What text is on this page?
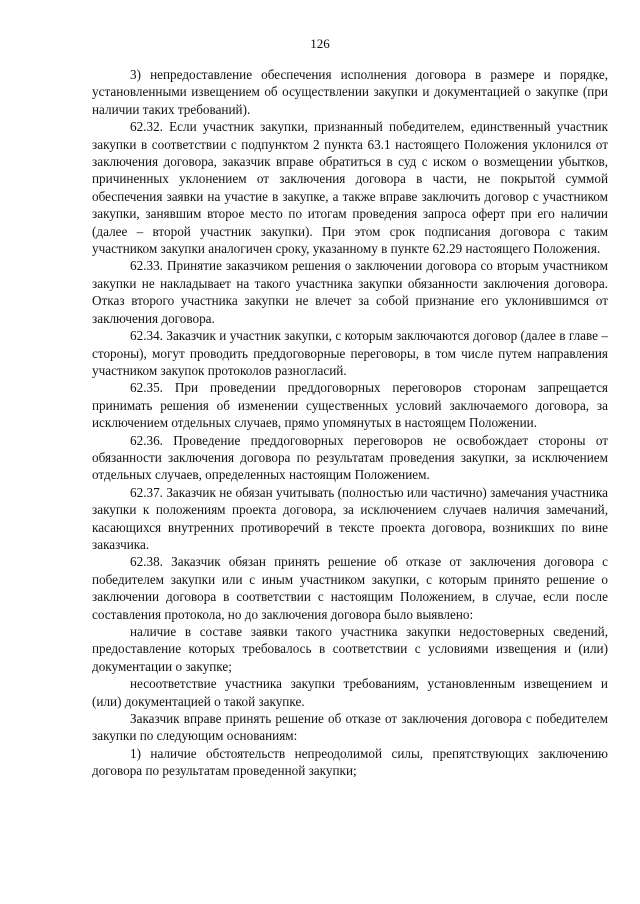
126

3) непредоставление обеспечения исполнения договора в размере и порядке, установленными извещением об осуществлении закупки и документацией о закупке (при наличии таких требований).

62.32. Если участник закупки, признанный победителем, единственный участник закупки в соответствии с подпунктом 2 пункта 63.1 настоящего Положения уклонился от заключения договора, заказчик вправе обратиться в суд с иском о возмещении убытков, причиненных уклонением от заключения договора в части, не покрытой суммой обеспечения заявки на участие в закупке, а также вправе заключить договор с участником закупки, занявшим второе место по итогам проведения запроса оферт при его наличии (далее – второй участник закупки). При этом срок подписания договора с таким участником закупки аналогичен сроку, указанному в пункте 62.29 настоящего Положения.

62.33. Принятие заказчиком решения о заключении договора со вторым участником закупки не накладывает на такого участника закупки обязанности заключения договора. Отказ второго участника закупки не влечет за собой признание его уклонившимся от заключения договора.

62.34. Заказчик и участник закупки, с которым заключаются договор (далее в главе – стороны), могут проводить преддоговорные переговоры, в том числе путем направления участником закупок протоколов разногласий.

62.35. При проведении преддоговорных переговоров сторонам запрещается принимать решения об изменении существенных условий заключаемого договора, за исключением отдельных случаев, прямо упомянутых в настоящем Положении.

62.36. Проведение преддоговорных переговоров не освобождает стороны от обязанности заключения договора по результатам проведения закупки, за исключением отдельных случаев, определенных настоящим Положением.

62.37. Заказчик не обязан учитывать (полностью или частично) замечания участника закупки к положениям проекта договора, за исключением случаев наличия замечаний, касающихся внутренних противоречий в тексте проекта договора, возникших по вине заказчика.

62.38. Заказчик обязан принять решение об отказе от заключения договора с победителем закупки или с иным участником закупки, с которым принято решение о заключении договора в соответствии с настоящим Положением, в случае, если после составления протокола, но до заключения договора было выявлено:

наличие в составе заявки такого участника закупки недостоверных сведений, предоставление которых требовалось в соответствии с условиями извещения и (или) документации о закупке;

несоответствие участника закупки требованиям, установленным извещением и (или) документацией о такой закупке.

Заказчик вправе принять решение об отказе от заключения договора с победителем закупки по следующим основаниям:

1) наличие обстоятельств непреодолимой силы, препятствующих заключению договора по результатам проведенной закупки;
